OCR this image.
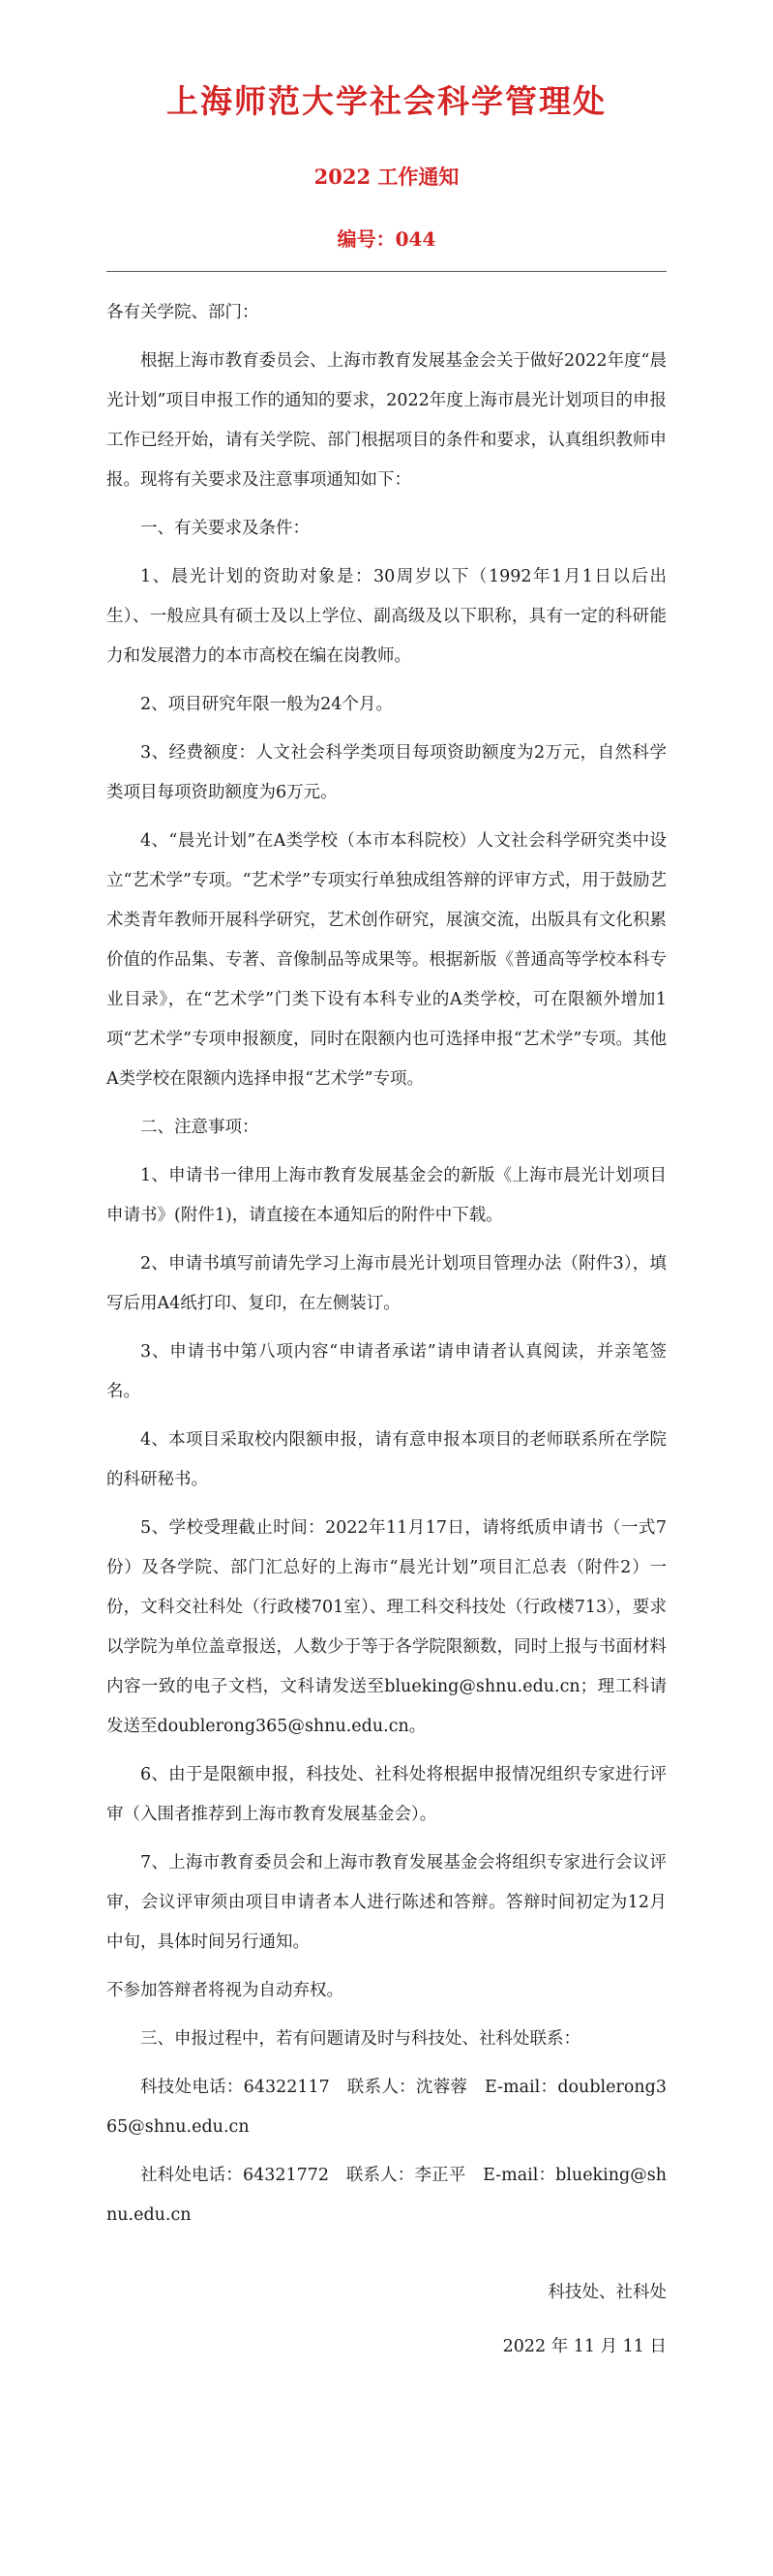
上海师范大学社会科学管理处
2022 工作通知
编号：044

各有关学院、部门：

根据上海市教育委员会、上海市教育发展基金会关于做好2022年度“晨光计划”项目申报工作的通知的要求，2022年度上海市晨光计划项目的申报工作已经开始，请有关学院、部门根据项目的条件和要求，认真组织教师申报。现将有关要求及注意事项通知如下：

一、有关要求及条件：

1、晨光计划的资助对象是：30周岁以下（1992年1月1日以后出生）、一般应具有硕士及以上学位、副高级及以下职称，具有一定的科研能力和发展潜力的本市高校在编在岗教师。

2、项目研究年限一般为24个月。

3、经费额度：人文社会科学类项目每项资助额度为2万元，自然科学类项目每项资助额度为6万元。

4、“晨光计划”在A类学校（本市本科院校）人文社会科学研究类中设立“艺术学”专项。“艺术学”专项实行单独成组答辩的评审方式，用于鼓励艺术类青年教师开展科学研究，艺术创作研究，展演交流，出版具有文化积累价值的作品集、专著、音像制品等成果等。根据新版《普通高等学校本科专业目录》，在“艺术学”门类下设有本科专业的A类学校，可在限额外增加1项“艺术学”专项申报额度，同时在限额内也可选择申报“艺术学”专项。其他A类学校在限额内选择申报“艺术学”专项。

二、注意事项：

1、申请书一律用上海市教育发展基金会的新版《上海市晨光计划项目申请书》(附件1)，请直接在本通知后的附件中下载。

2、申请书填写前请先学习上海市晨光计划项目管理办法（附件3），填写后用A4纸打印、复印，在左侧装订。

3、申请书中第八项内容“申请者承诺”请申请者认真阅读，并亲笔签名。

4、本项目采取校内限额申报，请有意申报本项目的老师联系所在学院的科研秘书。

5、学校受理截止时间：2022年11月17日，请将纸质申请书（一式7份）及各学院、部门汇总好的上海市“晨光计划”项目汇总表（附件2）一份，文科交社科处（行政楼701室）、理工科交科技处（行政楼713），要求以学院为单位盖章报送，人数少于等于各学院限额数，同时上报与书面材料内容一致的电子文档，文科请发送至blueking@shnu.edu.cn；理工科请发送至doublerong365@shnu.edu.cn。

6、由于是限额申报，科技处、社科处将根据申报情况组织专家进行评审（入围者推荐到上海市教育发展基金会）。

7、上海市教育委员会和上海市教育发展基金会将组织专家进行会议评审，会议评审须由项目申请者本人进行陈述和答辩。答辩时间初定为12月中旬，具体时间另行通知。

不参加答辩者将视为自动弃权。

三、申报过程中，若有问题请及时与科技处、社科处联系：

科技处电话：64322117　联系人：沈蓉蓉　E-mail：doublerong365@shnu.edu.cn

社科处电话：64321772　联系人：李正平　E-mail：blueking@shnu.edu.cn

科技处、社科处

2022 年 11 月 11 日
